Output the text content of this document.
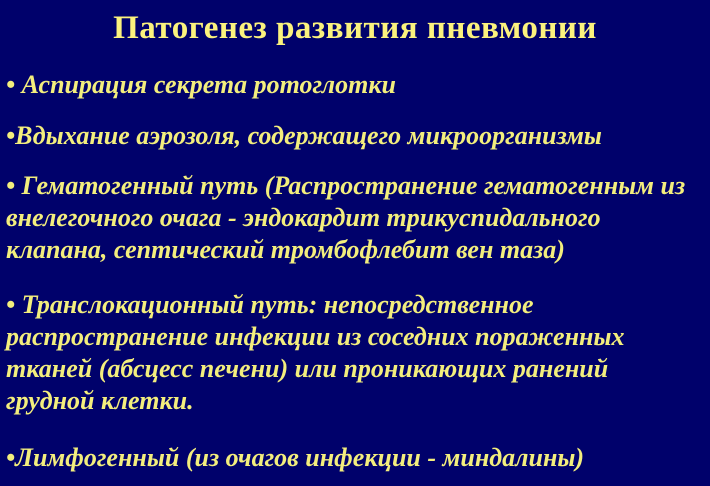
Патогенез развития пневмонии

• Аспирация секрета ротоглотки

•Вдыхание аэрозоля, содержащего микроорганизмы

• Гематогенный путь (Распространение гематогенным из
внелегочного очага - эндокардит трикуспидального
клапана, септический тромбофлебит вен таза)

• Транслокационный путь: непосредственное
распространение инфекции из соседних пораженных
тканей (абсцесс печени) или проникающих ранений
грудной клетки.

•Лимфогенный (из очагов инфекции - миндалины)
